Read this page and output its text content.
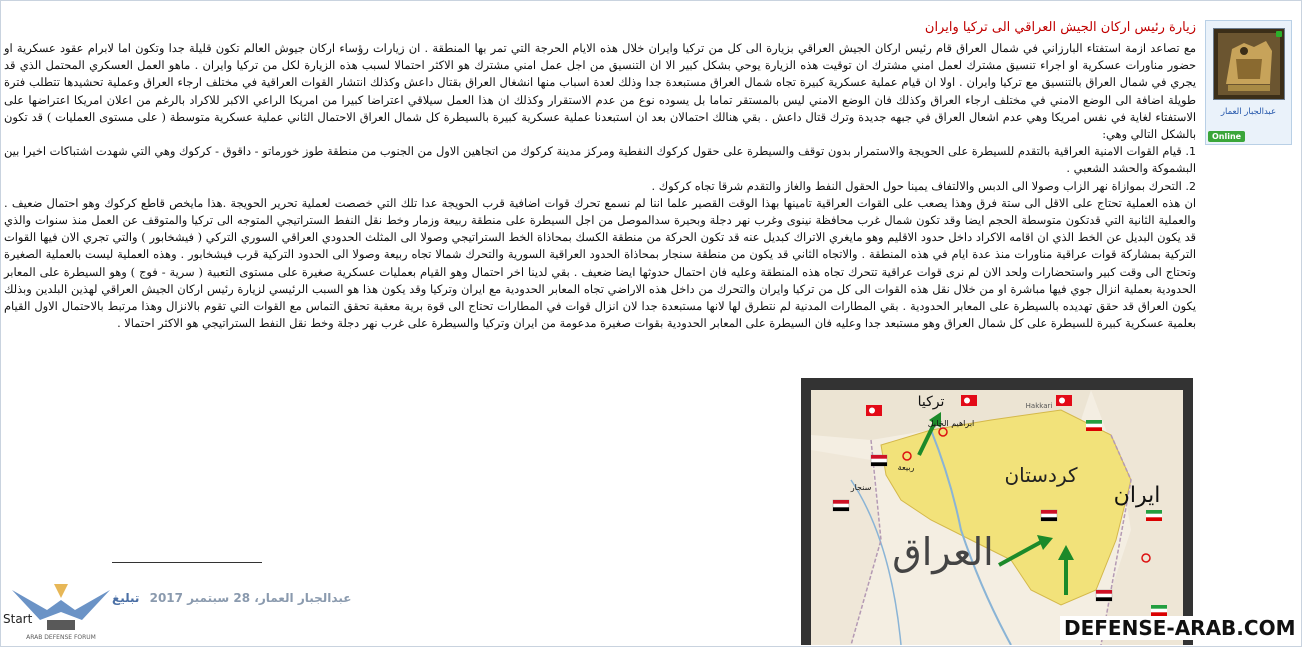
عبدالجبار العمار
Online
زيارة رئيس اركان الجيش العراقي الى تركيا وايران

مع تصاعد ازمة استفتاء البارزاني في شمال العراق قام رئيس اركان الجيش العراقي بزيارة الى كل من تركيا وايران خلال هذه الايام الحرجة التي تمر بها المنطقة . ان زيارات رؤساء اركان جيوش العالم تكون قليلة جدا وتكون اما لابرام عقود عسكرية او حضور مناورات عسكرية او اجراء تنسيق مشترك لعمل امني مشترك ان توقيت هذه الزيارة يوحي بشكل كبير الا ان التنسيق من اجل عمل امني مشترك هو الاكثر احتمالا لسبب هذه الزيارة لكل من تركيا وايران . ماهو العمل العسكري المحتمل الذي قد يجري في شمال العراق بالتنسيق مع تركيا وايران . اولا ان قيام عملية عسكرية كبيرة تجاه شمال العراق مستبعدة جدا وذلك لعدة اسباب منها انشغال العراق بقتال داعش وكذلك انتشار القوات العراقية في مختلف ارجاء العراق وعملية تحشيدها تتطلب فترة طويلة اضافة الى الوضع الامني في مختلف ارجاء العراق وكذلك فان الوضع الامني ليس بالمستقر تماما بل يسوده نوع من عدم الاستقرار وكذلك ان هذا العمل سيلاقي اعتراضا كبيرا من امريكا الراعي الاكبر للاكراد بالرغم من اعلان امريكا اعتراضها على الاستفتاء لغاية في نفس امريكا وهي عدم اشعال العراق في جبهه جديدة وترك قتال داعش . بقي هنالك احتمالان بعد ان استبعدنا عملية عسكرية كبيرة بالسيطرة كل شمال العراق الاحتمال الثاني عملية عسكرية متوسطة ( على مستوى العمليات ) قد تكون بالشكل التالي وهي:

1. قيام القوات الامنية العراقية بالتقدم للسيطرة على الحويجة والاستمرار بدون توقف والسيطرة على حقول كركوك النفطية ومركز مدينة كركوك من اتجاهين الاول من الجنوب من منطقة طوز خورماتو - داقوق - كركوك وهي التي شهدت اشتباكات اخيرا بين البشموكة والحشد الشعبي .

2. التحرك بموازاة نهر الزاب وصولا الى الدبس والالتفاف يمينا حول الحقول النفط والغاز والتقدم شرقا تجاه كركوك .

ان هذه العملية تحتاج على الاقل الى ستة فرق وهذا يصعب على القوات العراقية تامينها بهذا الوقت القصير علما اننا لم نسمع تحرك قوات اضافية قرب الحويجة عدا تلك التي خصصت لعملية تحرير الحويجة .هذا مايخص قاطع كركوك وهو احتمال ضعيف . والعملية الثانية التي قدتكون متوسطة الحجم ايضا وقد تكون شمال غرب محافظة نينوى وغرب نهر دجلة وبحيرة سدالموصل من اجل السيطرة على منطقة ربيعة وزمار وخط نقل النفط الستراتيجي المتوجه الى تركيا والمتوقف عن العمل منذ سنوات والذي قد يكون البديل عن الخط الذي ان اقامه الاكراد داخل حدود الاقليم وهو مايغري الاتراك كبديل عنه قد تكون الحركة من منطقة الكسك بمحاذاة الخط الستراتيجي وصولا الى المثلث الحدودي العراقي السوري التركي ( فيشخابور ) والتي تجري الان فيها القوات التركية بمشاركة قوات عراقية مناورات منذ عدة ايام في هذه المنطقة . والاتجاه الثاني قد يكون من منطقة سنجار بمحاذاة الحدود العراقية السورية والتحرك شمالا تجاه ربيعة وصولا الى الحدود التركية قرب فيشخابور . وهذه العملية ليست بالعملية الصغيرة وتحتاج الى وقت كبير واستحضارات ولحد الان لم نرى قوات عراقية تتحرك تجاه هذه المنطقة وعليه فان احتمال حدوثها ايضا ضعيف . بقي لدينا اخر احتمال وهو القيام بعمليات عسكرية صغيرة على مستوى التعبية ( سرية - فوج ) وهو السيطرة على المعابر الحدودية بعملية انزال جوي فيها مباشرة او من خلال نقل هذه القوات الى كل من تركيا وايران والتحرك من داخل هذه الاراضي تجاه المعابر الحدودية مع ايران وتركيا وقد يكون هذا هو السبب الرئيسي لزيارة رئيس اركان الجيش العراقي لهذين البلدين وبذلك يكون العراق قد حقق تهديده بالسيطرة على المعابر الحدودية . بقي المطارات المدنية لم نتطرق لها لانها مستبعدة جدا لان انزال قوات في المطارات تحتاج الى قوة برية معقبة تحقق التماس مع القوات التي تقوم بالانزال وهذا مرتبط بالاحتمال الاول القيام بعلمية عسكرية كبيرة للسيطرة على كل شمال العراق وهو مستبعد جدا وعليه فان السيطرة على المعابر الحدودية بقوات صغيرة مدعومة من ايران وتركيا والسيطرة على غرب نهر دجلة وخط نقل النفط الستراتيجي هو الاكثر احتمالا .

عبدالجبار العمار، 28 سبتمبر 2017 تبليغ
تركيا
ابراهيم الخليل
ربيعة
سنجار
Hakkari
كردستان
ايران
العراق
DEFENSE-ARAB.COM
ARAB DEFENSE FORUM
Start
